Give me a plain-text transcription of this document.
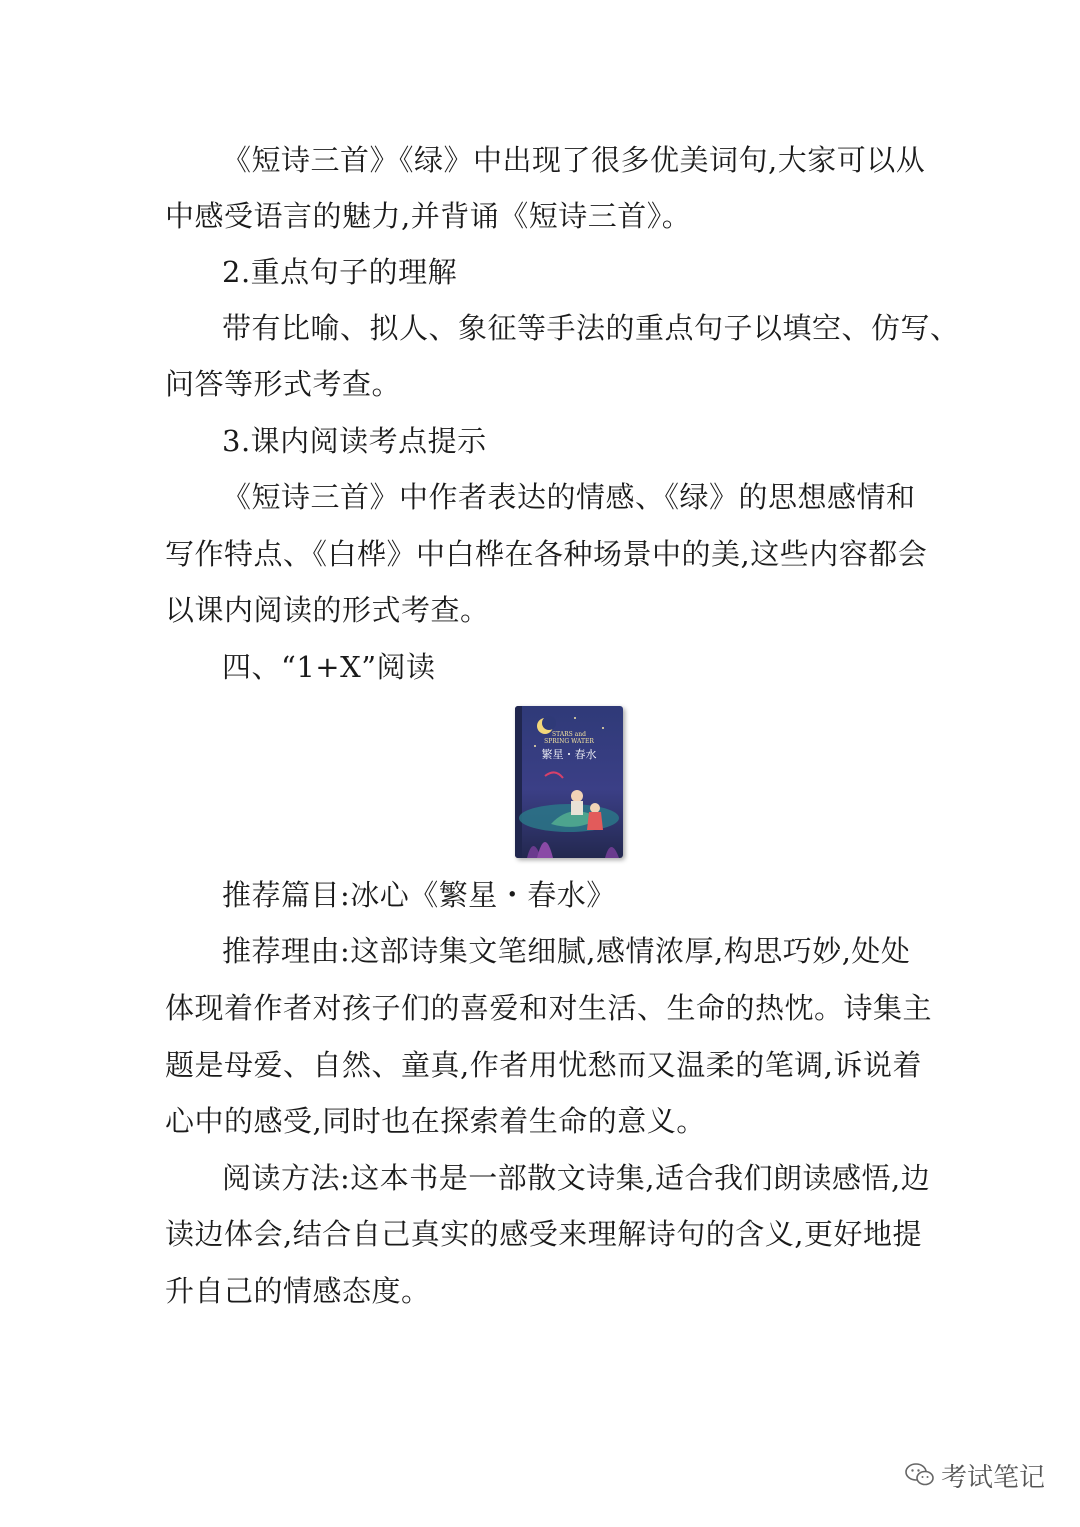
《短诗三首》《绿》中出现了很多优美词句,大家可以从
中感受语言的魅力,并背诵《短诗三首》。
2.重点句子的理解
带有比喻、拟人、象征等手法的重点句子以填空、仿写、
问答等形式考查。
3.课内阅读考点提示
《短诗三首》中作者表达的情感、《绿》的思想感情和
写作特点、《白桦》中白桦在各种场景中的美,这些内容都会
以课内阅读的形式考查。
四、“1+X”阅读
STARS and
SPRING WATER
繁星・春水
推荐篇目:冰心《繁星・春水》
推荐理由:这部诗集文笔细腻,感情浓厚,构思巧妙,处处
体现着作者对孩子们的喜爱和对生活、生命的热忱。诗集主
题是母爱、自然、童真,作者用忧愁而又温柔的笔调,诉说着
心中的感受,同时也在探索着生命的意义。
阅读方法:这本书是一部散文诗集,适合我们朗读感悟,边
读边体会,结合自己真实的感受来理解诗句的含义,更好地提
升自己的情感态度。
考试笔记
